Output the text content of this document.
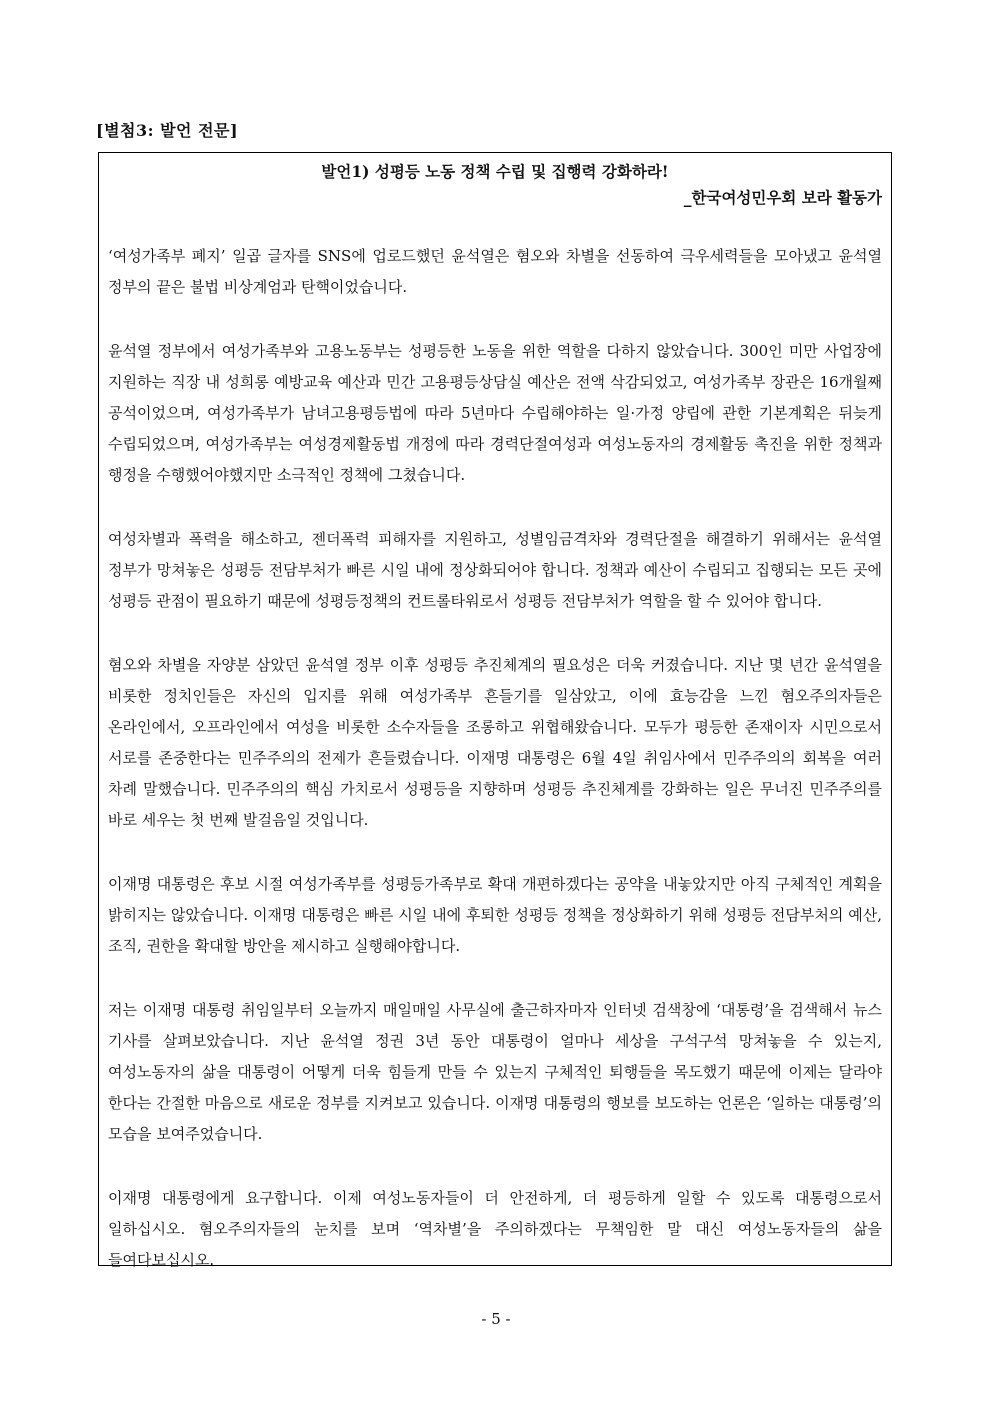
[별첨3: 발언 전문]

발언1) 성평등 노동 정책 수립 및 집행력 강화하라!

_한국여성민우회 보라 활동가

‘여성가족부 폐지’ 일곱 글자를 SNS에 업로드했던 윤석열은 혐오와 차별을 선동하여 극우세력들을 모아냈고 윤석열 정부의 끝은 불법 비상계엄과 탄핵이었습니다.

윤석열 정부에서 여성가족부와 고용노동부는 성평등한 노동을 위한 역할을 다하지 않았습니다. 300인 미만 사업장에 지원하는 직장 내 성희롱 예방교육 예산과 민간 고용평등상담실 예산은 전액 삭감되었고, 여성가족부 장관은 16개월째 공석이었으며, 여성가족부가 남녀고용평등법에 따라 5년마다 수립해야하는 일·가정 양립에 관한 기본계획은 뒤늦게 수립되었으며, 여성가족부는 여성경제활동법 개정에 따라 경력단절여성과 여성노동자의 경제활동 촉진을 위한 정책과 행정을 수행했어야했지만 소극적인 정책에 그쳤습니다.

여성차별과 폭력을 해소하고, 젠더폭력 피해자를 지원하고, 성별임금격차와 경력단절을 해결하기 위해서는 윤석열 정부가 망쳐놓은 성평등 전담부처가 빠른 시일 내에 정상화되어야 합니다. 정책과 예산이 수립되고 집행되는 모든 곳에 성평등 관점이 필요하기 때문에 성평등정책의 컨트롤타워로서 성평등 전담부처가 역할을 할 수 있어야 합니다.

혐오와 차별을 자양분 삼았던 윤석열 정부 이후 성평등 추진체계의 필요성은 더욱 커졌습니다. 지난 몇 년간 윤석열을 비롯한 정치인들은 자신의 입지를 위해 여성가족부 흔들기를 일삼았고, 이에 효능감을 느낀 혐오주의자들은 온라인에서, 오프라인에서 여성을 비롯한 소수자들을 조롱하고 위협해왔습니다. 모두가 평등한 존재이자 시민으로서 서로를 존중한다는 민주주의의 전제가 흔들렸습니다. 이재명 대통령은 6월 4일 취임사에서 민주주의의 회복을 여러 차례 말했습니다. 민주주의의 핵심 가치로서 성평등을 지향하며 성평등 추진체계를 강화하는 일은 무너진 민주주의를 바로 세우는 첫 번째 발걸음일 것입니다.

이재명 대통령은 후보 시절 여성가족부를 성평등가족부로 확대 개편하겠다는 공약을 내놓았지만 아직 구체적인 계획을 밝히지는 않았습니다. 이재명 대통령은 빠른 시일 내에 후퇴한 성평등 정책을 정상화하기 위해 성평등 전담부처의 예산, 조직, 권한을 확대할 방안을 제시하고 실행해야합니다.

저는 이재명 대통령 취임일부터 오늘까지 매일매일 사무실에 출근하자마자 인터넷 검색창에 ‘대통령’을 검색해서 뉴스 기사를 살펴보았습니다. 지난 윤석열 정권 3년 동안 대통령이 얼마나 세상을 구석구석 망쳐놓을 수 있는지, 여성노동자의 삶을 대통령이 어떻게 더욱 힘들게 만들 수 있는지 구체적인 퇴행들을 목도했기 때문에 이제는 달라야 한다는 간절한 마음으로 새로운 정부를 지켜보고 있습니다. 이재명 대통령의 행보를 보도하는 언론은 ‘일하는 대통령’의 모습을 보여주었습니다.

이재명 대통령에게 요구합니다. 이제 여성노동자들이 더 안전하게, 더 평등하게 일할 수 있도록 대통령으로서 일하십시오. 혐오주의자들의 눈치를 보며 ‘역차별’을 주의하겠다는 무책임한 말 대신 여성노동자들의 삶을 들여다보십시오.

- 5 -
